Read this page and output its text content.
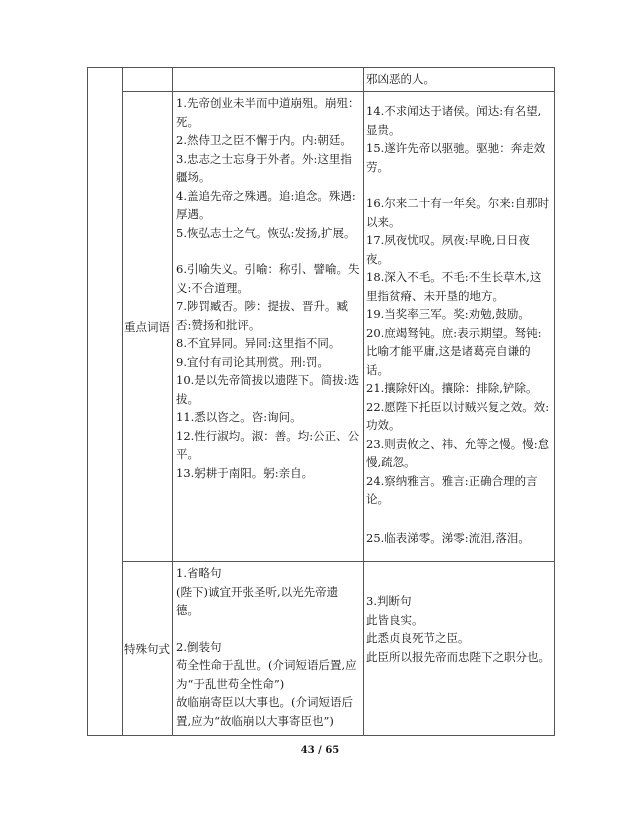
邪凶恶的人。

重点词语

1.先帝创业未半而中道崩殂。崩殂：死。

2.然侍卫之臣不懈于内。内:朝廷。

3.忠志之士忘身于外者。外:这里指疆场。

4.盖追先帝之殊遇。追:追念。殊遇:厚遇。

5.恢弘志士之气。恢弘:发扬,扩展。

6.引喻失义。引喻：称引、譬喻。失义:不合道理。

7.陟罚臧否。陟：提拔、晋升。臧否:赞扬和批评。

8.不宜异同。异同:这里指不同。

9.宜付有司论其刑赏。刑:罚。

10.是以先帝简拔以遗陛下。简拔:选拔。

11.悉以咨之。咨:询问。

12.性行淑均。淑：善。均:公正、公平。

13.躬耕于南阳。躬:亲自。

14.不求闻达于诸侯。闻达:有名望,显贵。

15.遂许先帝以驱驰。驱驰：奔走效劳。

16.尔来二十有一年矣。尔来:自那时以来。

17.夙夜忧叹。夙夜:早晚,日日夜夜。

18.深入不毛。不毛:不生长草木,这里指贫瘠、未开垦的地方。

19.当奖率三军。奖:劝勉,鼓励。

20.庶竭驽钝。庶:表示期望。驽钝:比喻才能平庸,这是诸葛亮自谦的话。

21.攘除奸凶。攘除：排除,铲除。

22.愿陛下托臣以讨贼兴复之效。效:功效。

23.则责攸之、祎、允等之慢。慢:怠慢,疏忽。

24.察纳雅言。雅言:正确合理的言论。

25.临表涕零。涕零:流泪,落泪。

特殊句式

1.省略句

(陛下)诚宜开张圣听,以光先帝遗德。

2.倒装句

苟全性命于乱世。(介词短语后置,应为“于乱世苟全性命”)

故临崩寄臣以大事也。(介词短语后置,应为“故临崩以大事寄臣也”)

3.判断句

此皆良实。

此悉贞良死节之臣。

此臣所以报先帝而忠陛下之职分也。

43 / 65
